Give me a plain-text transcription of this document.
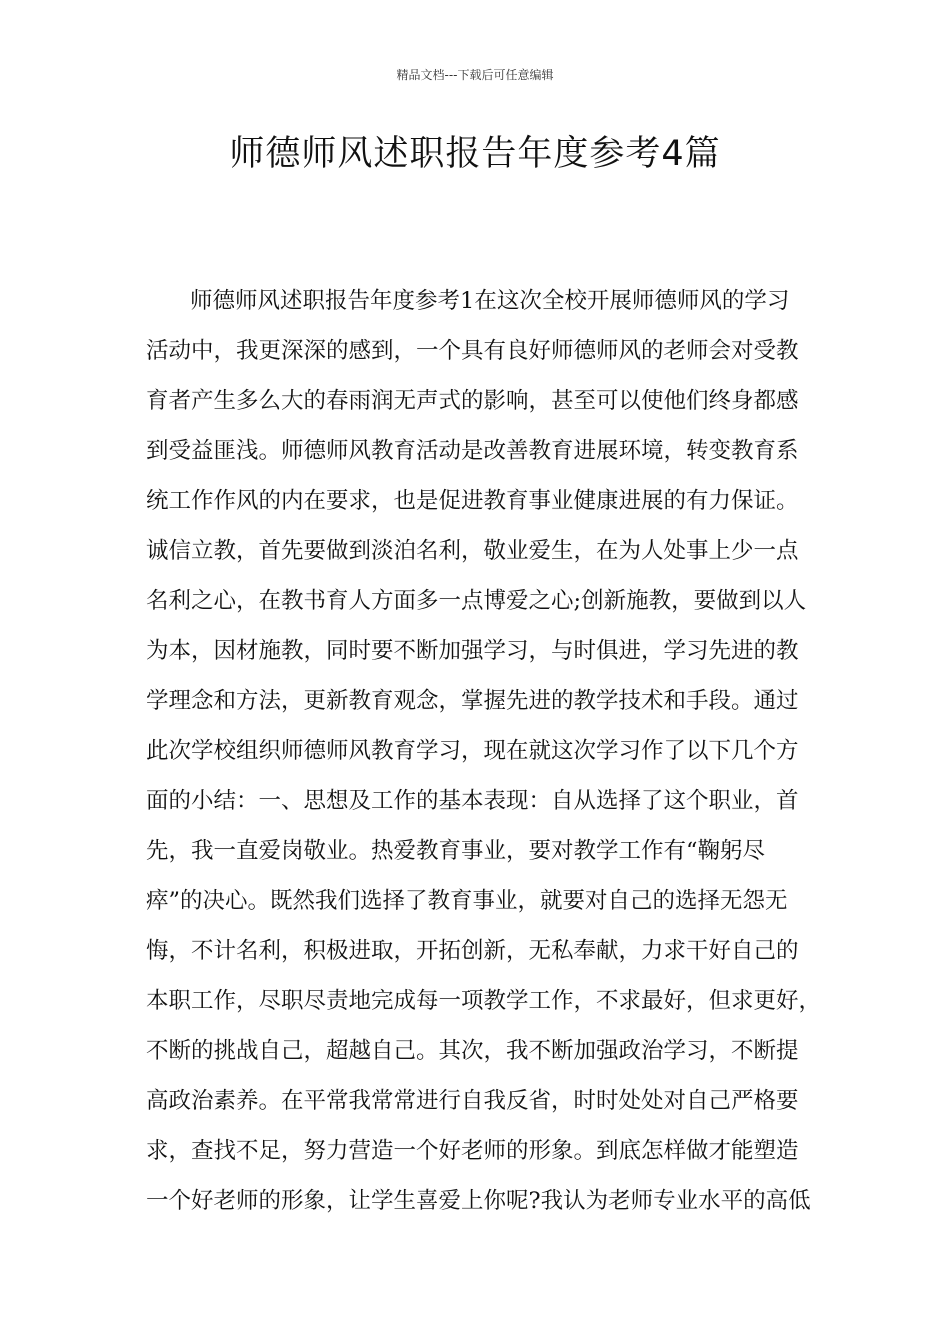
精品文档---下载后可任意编辑
师德师风述职报告年度参考4篇
师德师风述职报告年度参考1在这次全校开展师德师风的学习
活动中，我更深深的感到，一个具有良好师德师风的老师会对受教
育者产生多么大的春雨润无声式的影响，甚至可以使他们终身都感
到受益匪浅。师德师风教育活动是改善教育进展环境，转变教育系
统工作作风的内在要求，也是促进教育事业健康进展的有力保证。
诚信立教，首先要做到淡泊名利，敬业爱生，在为人处事上少一点
名利之心，在教书育人方面多一点博爱之心;创新施教，要做到以人
为本，因材施教，同时要不断加强学习，与时俱进，学习先进的教
学理念和方法，更新教育观念，掌握先进的教学技术和手段。通过
此次学校组织师德师风教育学习，现在就这次学习作了以下几个方
面的小结：一、思想及工作的基本表现：自从选择了这个职业，首
先，我一直爱岗敬业。热爱教育事业，要对教学工作有“鞠躬尽
瘁”的决心。既然我们选择了教育事业，就要对自己的选择无怨无
悔，不计名利，积极进取，开拓创新，无私奉献，力求干好自己的
本职工作，尽职尽责地完成每一项教学工作，不求最好，但求更好，
不断的挑战自己，超越自己。其次，我不断加强政治学习，不断提
高政治素养。在平常我常常进行自我反省，时时处处对自己严格要
求，查找不足，努力营造一个好老师的形象。到底怎样做才能塑造
一个好老师的形象，让学生喜爱上你呢?我认为老师专业水平的高低
